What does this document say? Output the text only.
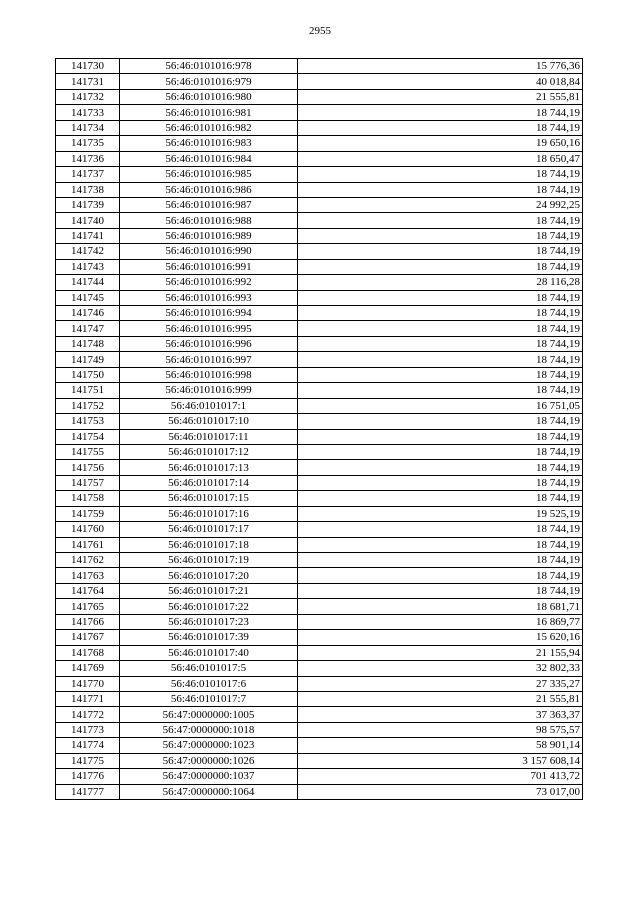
2955
141730	56:46:0101016:978	15 776,36
141731	56:46:0101016:979	40 018,84
141732	56:46:0101016:980	21 555,81
141733	56:46:0101016:981	18 744,19
141734	56:46:0101016:982	18 744,19
141735	56:46:0101016:983	19 650,16
141736	56:46:0101016:984	18 650,47
141737	56:46:0101016:985	18 744,19
141738	56:46:0101016:986	18 744,19
141739	56:46:0101016:987	24 992,25
141740	56:46:0101016:988	18 744,19
141741	56:46:0101016:989	18 744,19
141742	56:46:0101016:990	18 744,19
141743	56:46:0101016:991	18 744,19
141744	56:46:0101016:992	28 116,28
141745	56:46:0101016:993	18 744,19
141746	56:46:0101016:994	18 744,19
141747	56:46:0101016:995	18 744,19
141748	56:46:0101016:996	18 744,19
141749	56:46:0101016:997	18 744,19
141750	56:46:0101016:998	18 744,19
141751	56:46:0101016:999	18 744,19
141752	56:46:0101017:1	16 751,05
141753	56:46:0101017:10	18 744,19
141754	56:46:0101017:11	18 744,19
141755	56:46:0101017:12	18 744,19
141756	56:46:0101017:13	18 744,19
141757	56:46:0101017:14	18 744,19
141758	56:46:0101017:15	18 744,19
141759	56:46:0101017:16	19 525,19
141760	56:46:0101017:17	18 744,19
141761	56:46:0101017:18	18 744,19
141762	56:46:0101017:19	18 744,19
141763	56:46:0101017:20	18 744,19
141764	56:46:0101017:21	18 744,19
141765	56:46:0101017:22	18 681,71
141766	56:46:0101017:23	16 869,77
141767	56:46:0101017:39	15 620,16
141768	56:46:0101017:40	21 155,94
141769	56:46:0101017:5	32 802,33
141770	56:46:0101017:6	27 335,27
141771	56:46:0101017:7	21 555,81
141772	56:47:0000000:1005	37 363,37
141773	56:47:0000000:1018	98 575,57
141774	56:47:0000000:1023	58 901,14
141775	56:47:0000000:1026	3 157 608,14
141776	56:47:0000000:1037	701 413,72
141777	56:47:0000000:1064	73 017,00
